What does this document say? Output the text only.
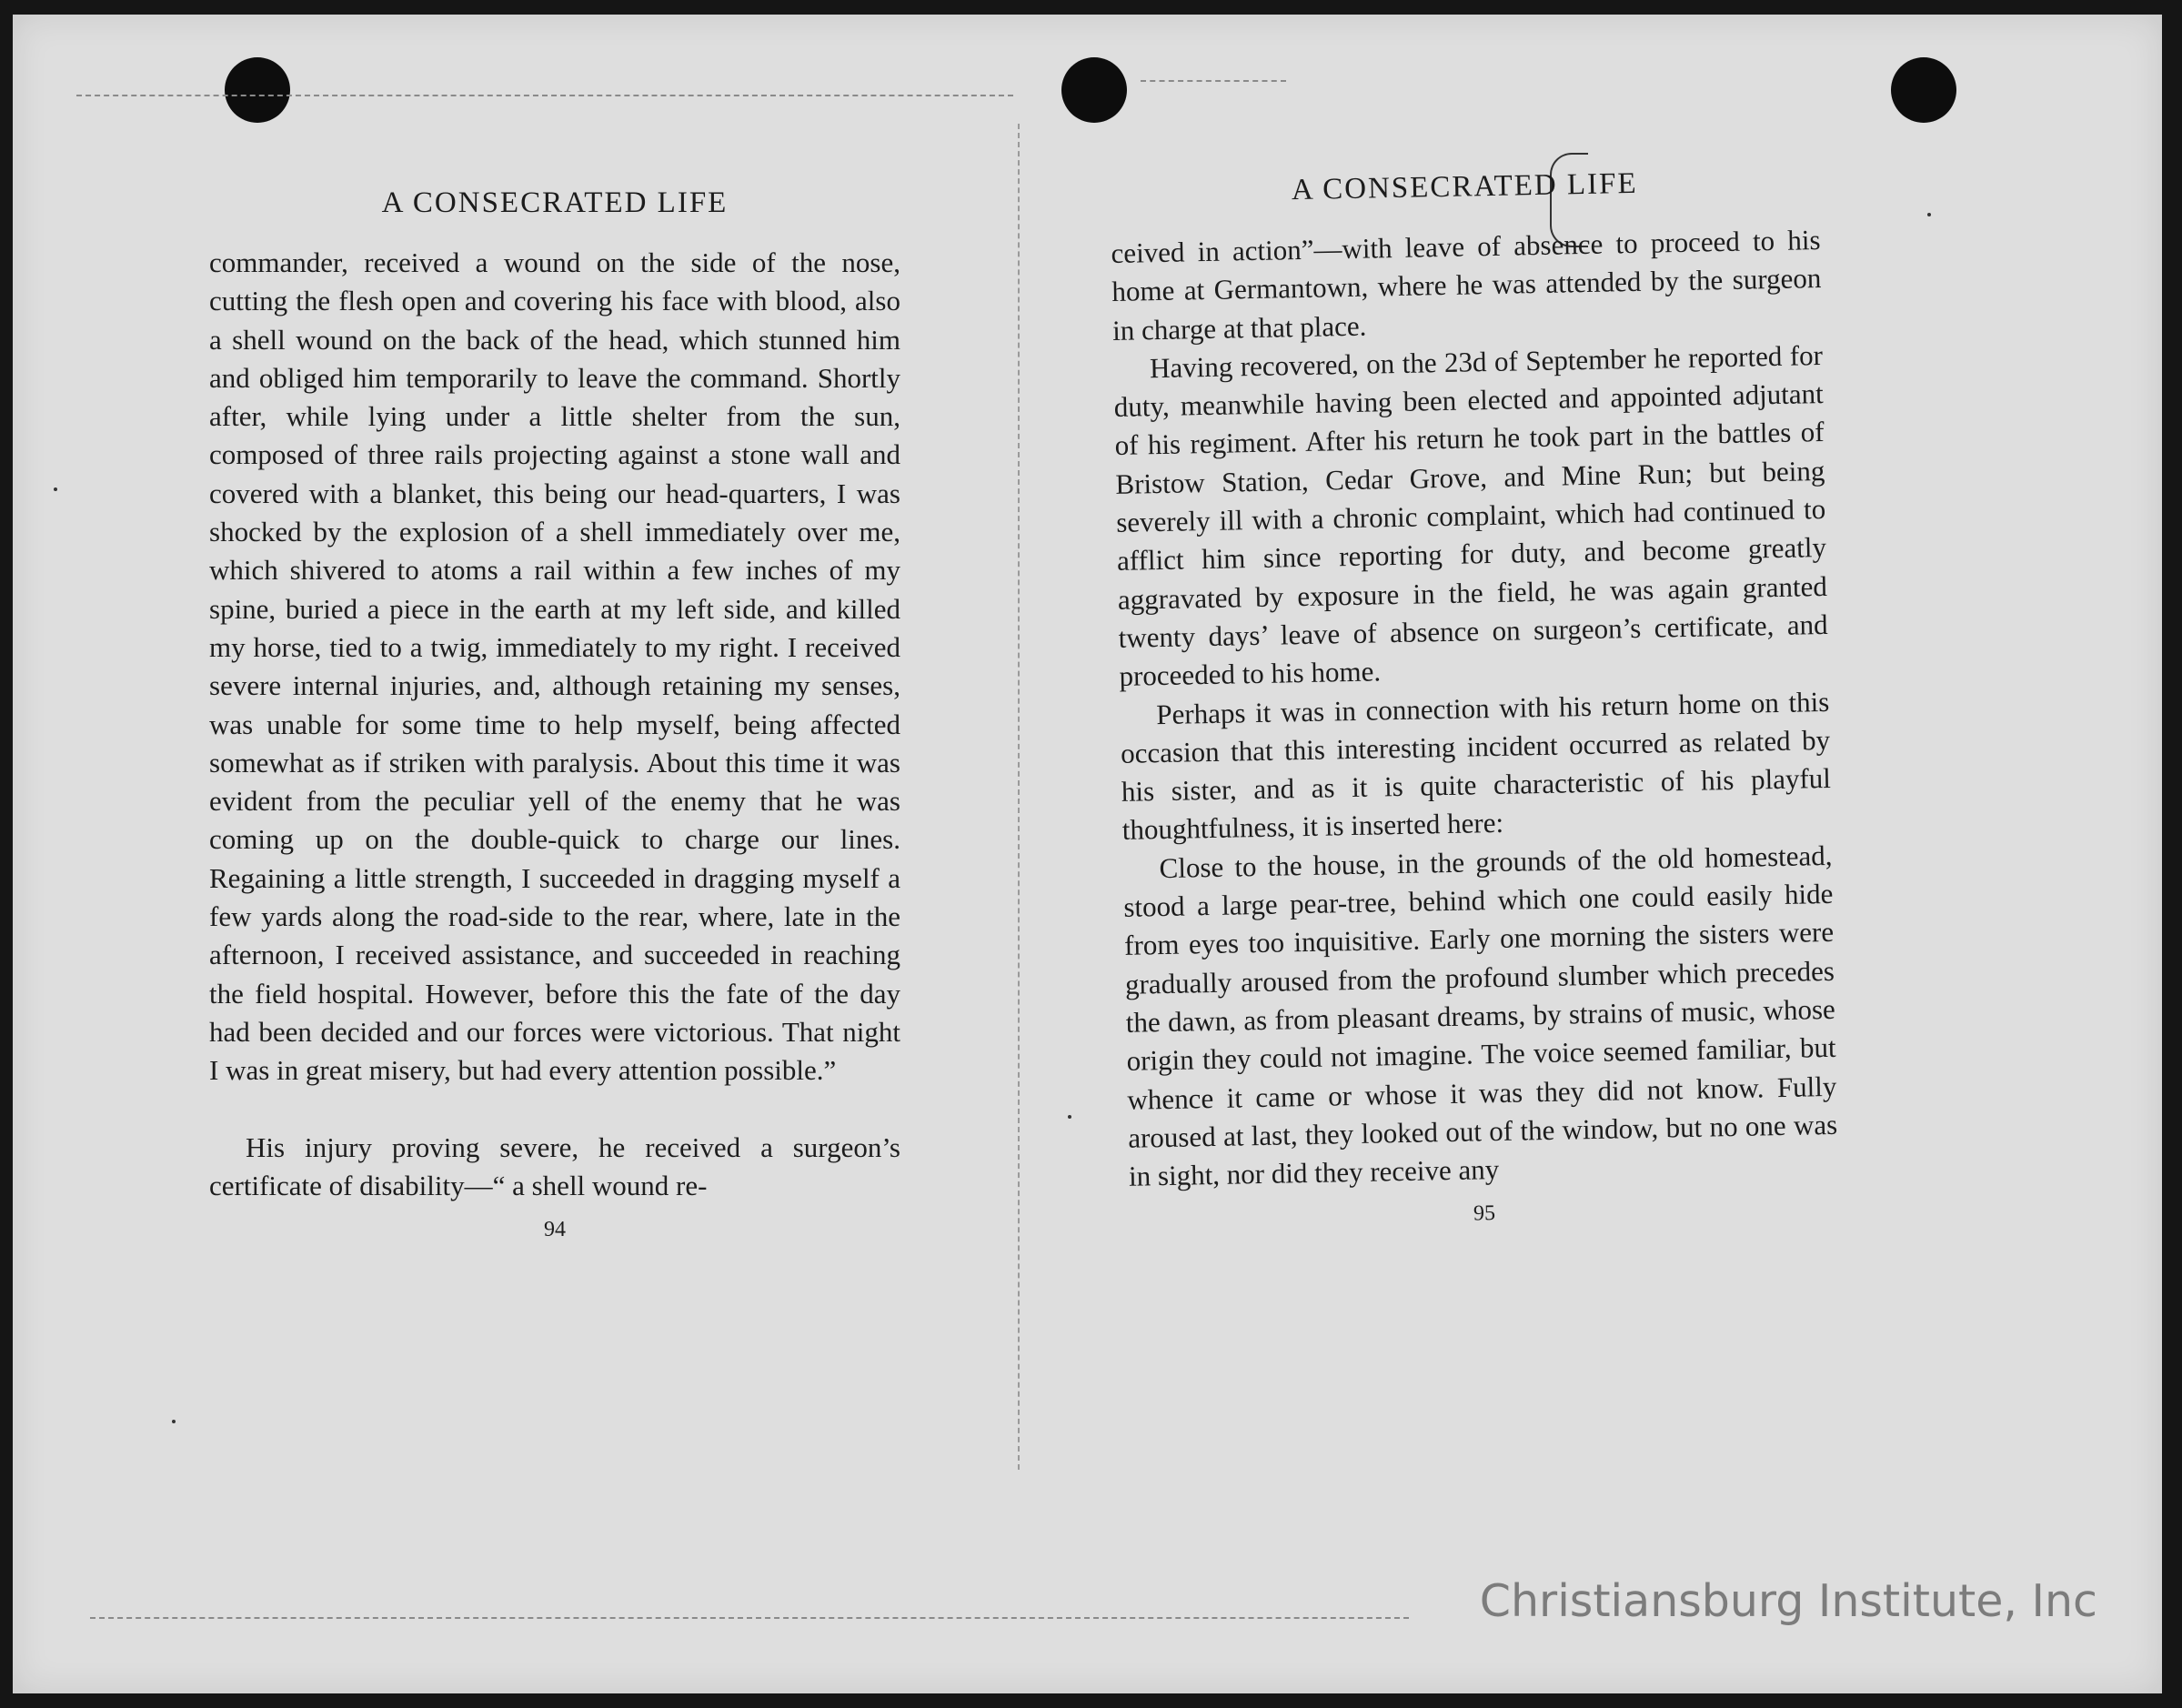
A CONSECRATED LIFE

commander, received a wound on the side of the nose, cutting the flesh open and covering his face with blood, also a shell wound on the back of the head, which stunned him and obliged him temporarily to leave the command. Shortly after, while lying under a little shelter from the sun, composed of three rails projecting against a stone wall and covered with a blanket, this being our head-quarters, I was shocked by the explosion of a shell immediately over me, which shivered to atoms a rail within a few inches of my spine, buried a piece in the earth at my left side, and killed my horse, tied to a twig, immediately to my right. I received severe internal injuries, and, although retaining my senses, was unable for some time to help myself, being affected somewhat as if striken with paralysis. About this time it was evident from the peculiar yell of the enemy that he was coming up on the double-quick to charge our lines. Regaining a little strength, I succeeded in dragging myself a few yards along the road-side to the rear, where, late in the afternoon, I received assistance, and succeeded in reaching the field hospital. However, before this the fate of the day had been decided and our forces were victorious. That night I was in great misery, but had every attention possible.”

His injury proving severe, he received a surgeon’s certificate of disability—“ a shell wound re-

94
A CONSECRATED LIFE

ceived in action”—with leave of absence to proceed to his home at Germantown, where he was attended by the surgeon in charge at that place.

Having recovered, on the 23d of September he reported for duty, meanwhile having been elected and appointed adjutant of his regiment. After his return he took part in the battles of Bristow Station, Cedar Grove, and Mine Run; but being severely ill with a chronic complaint, which had continued to afflict him since reporting for duty, and become greatly aggravated by exposure in the field, he was again granted twenty days’ leave of absence on surgeon’s certificate, and proceeded to his home.

Perhaps it was in connection with his return home on this occasion that this interesting incident occurred as related by his sister, and as it is quite characteristic of his playful thoughtfulness, it is inserted here:

Close to the house, in the grounds of the old homestead, stood a large pear-tree, behind which one could easily hide from eyes too inquisitive. Early one morning the sisters were gradually aroused from the profound slumber which precedes the dawn, as from pleasant dreams, by strains of music, whose origin they could not imagine. The voice seemed familiar, but whence it came or whose it was they did not know. Fully aroused at last, they looked out of the window, but no one was in sight, nor did they receive any

95
Christiansburg Institute, Inc
